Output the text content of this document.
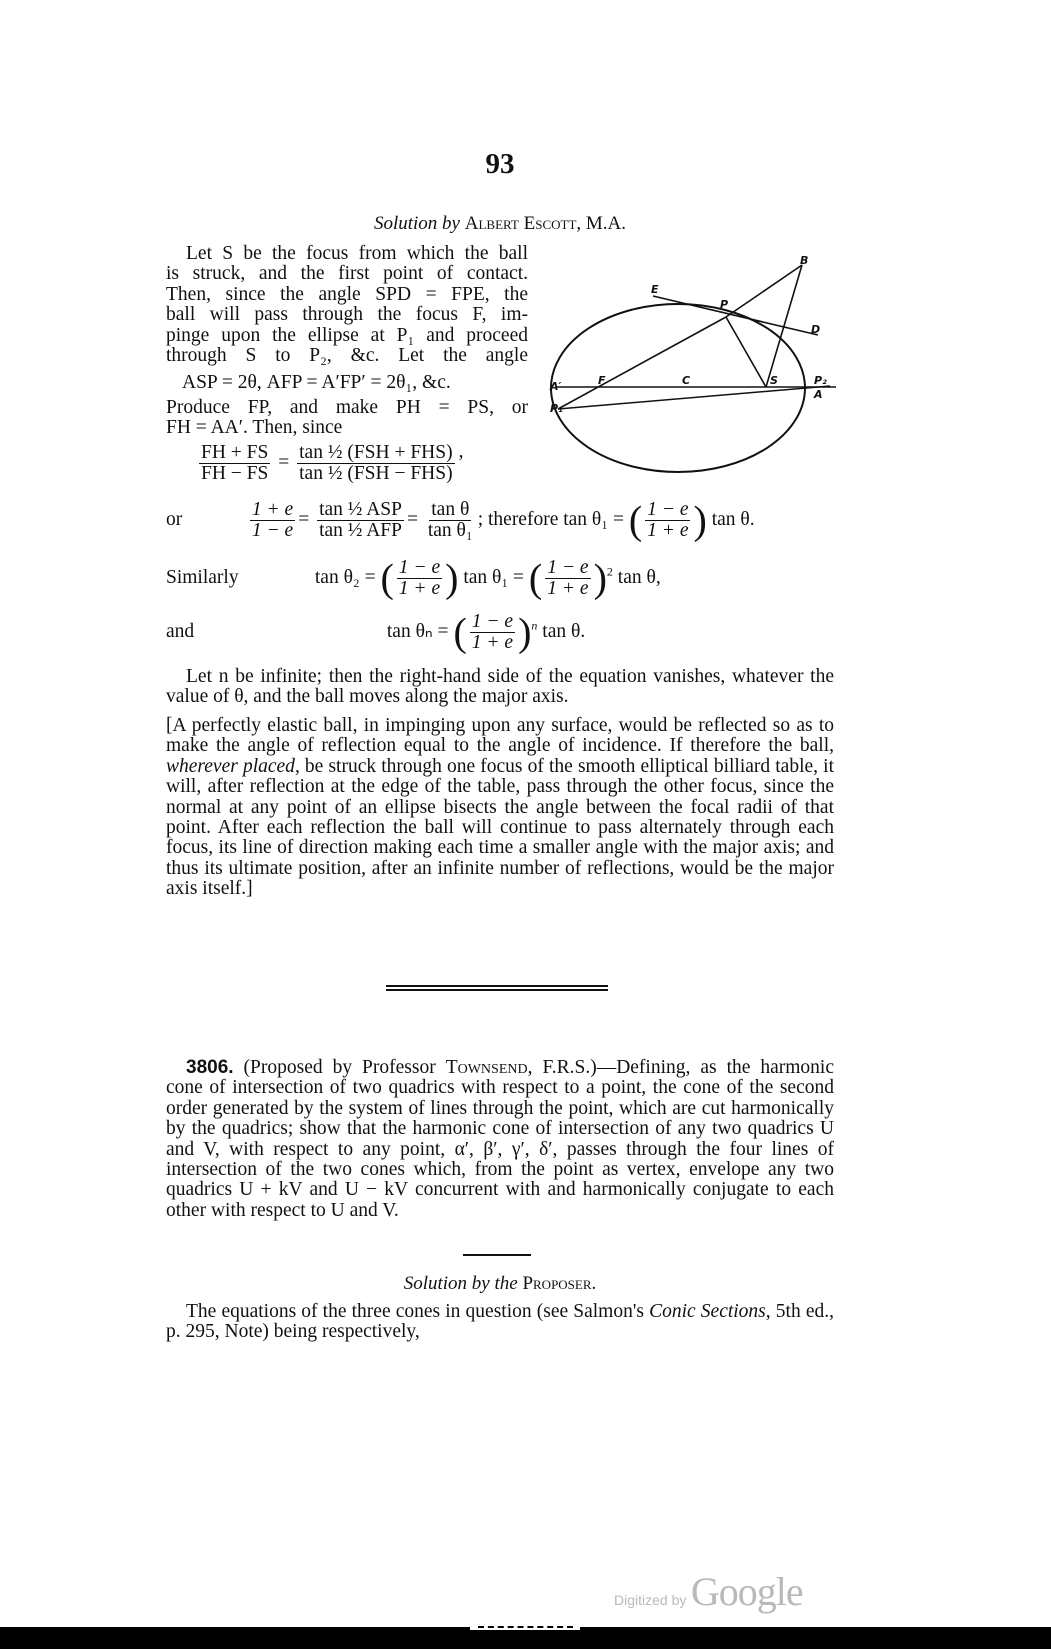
93
Solution by Albert Escott, M.A.
Let S be the focus from which the ball
is struck, and the first point of contact.
Then, since the angle SPD = FPE, the
ball will pass through the focus F, im-
pinge upon the ellipse at P₁ and proceed
through S to P₂, &c. Let the angle
ASP = 2θ, AFP = A′FP′ = 2θ₁, &c.
Produce FP, and make PH = PS, or
FH = AA′. Then, since
$\frac{FH + FS}{FH - FS} = \frac{\text{tan ½ (FSH + FHS)}}{\text{tan ½ (FSH − FHS)}}$ ’
B
E
P
D
A′	F	C	S	P₂
A
P₁
or	$\frac{1 + e}{1 - e} = \frac{\text{tan ½ ASP}}{\text{tan ½ AFP}} = \frac{\text{tan θ}}{\text{tan θ₁}}$ ; therefore tan θ₁ = ( $\frac{1 - e}{1 + e}$ ) tan θ.
Similarly	tan θ₂ = ( $\frac{1 - e}{1 + e}$ ) tan θ₁ = ( $\frac{1 - e}{1 + e} )^2$ tan θ,
and	tan θₙ = ( $\frac{1 - e}{1 + e} )^n$ tan θ.
Let n be infinite; then the right-hand side of the equation vanishes, whatever the value of θ, and the ball moves along the major axis.
[A perfectly elastic ball, in impinging upon any surface, would be reflected so as to make the angle of reflection equal to the angle of incidence. If therefore the ball, wherever placed, be struck through one focus of the smooth elliptical billiard table, it will, after reflection at the edge of the table, pass through the other focus, since the normal at any point of an ellipse bisects the angle between the focal radii of that point. After each reflection the ball will continue to pass alternately through each focus, its line of direction making each time a smaller angle with the major axis; and thus its ultimate position, after an infinite number of reflections, would be the major axis itself.]
3806. (Proposed by Professor Townsend, F.R.S.)—Defining, as the harmonic cone of intersection of two quadrics with respect to a point, the cone of the second order generated by the system of lines through the point, which are cut harmonically by the quadrics; show that the harmonic cone of intersection of any two quadrics U and V, with respect to any point, α′, β′, γ′, δ′, passes through the four lines of intersection of the two cones which, from the point as vertex, envelope any two quadrics U + kV and U − kV concurrent with and harmonically conjugate to each other with respect to U and V.
Solution by the Proposer.
The equations of the three cones in question (see Salmon's Conic Sections, 5th ed., p. 295, Note) being respectively,
Digitized by Google
